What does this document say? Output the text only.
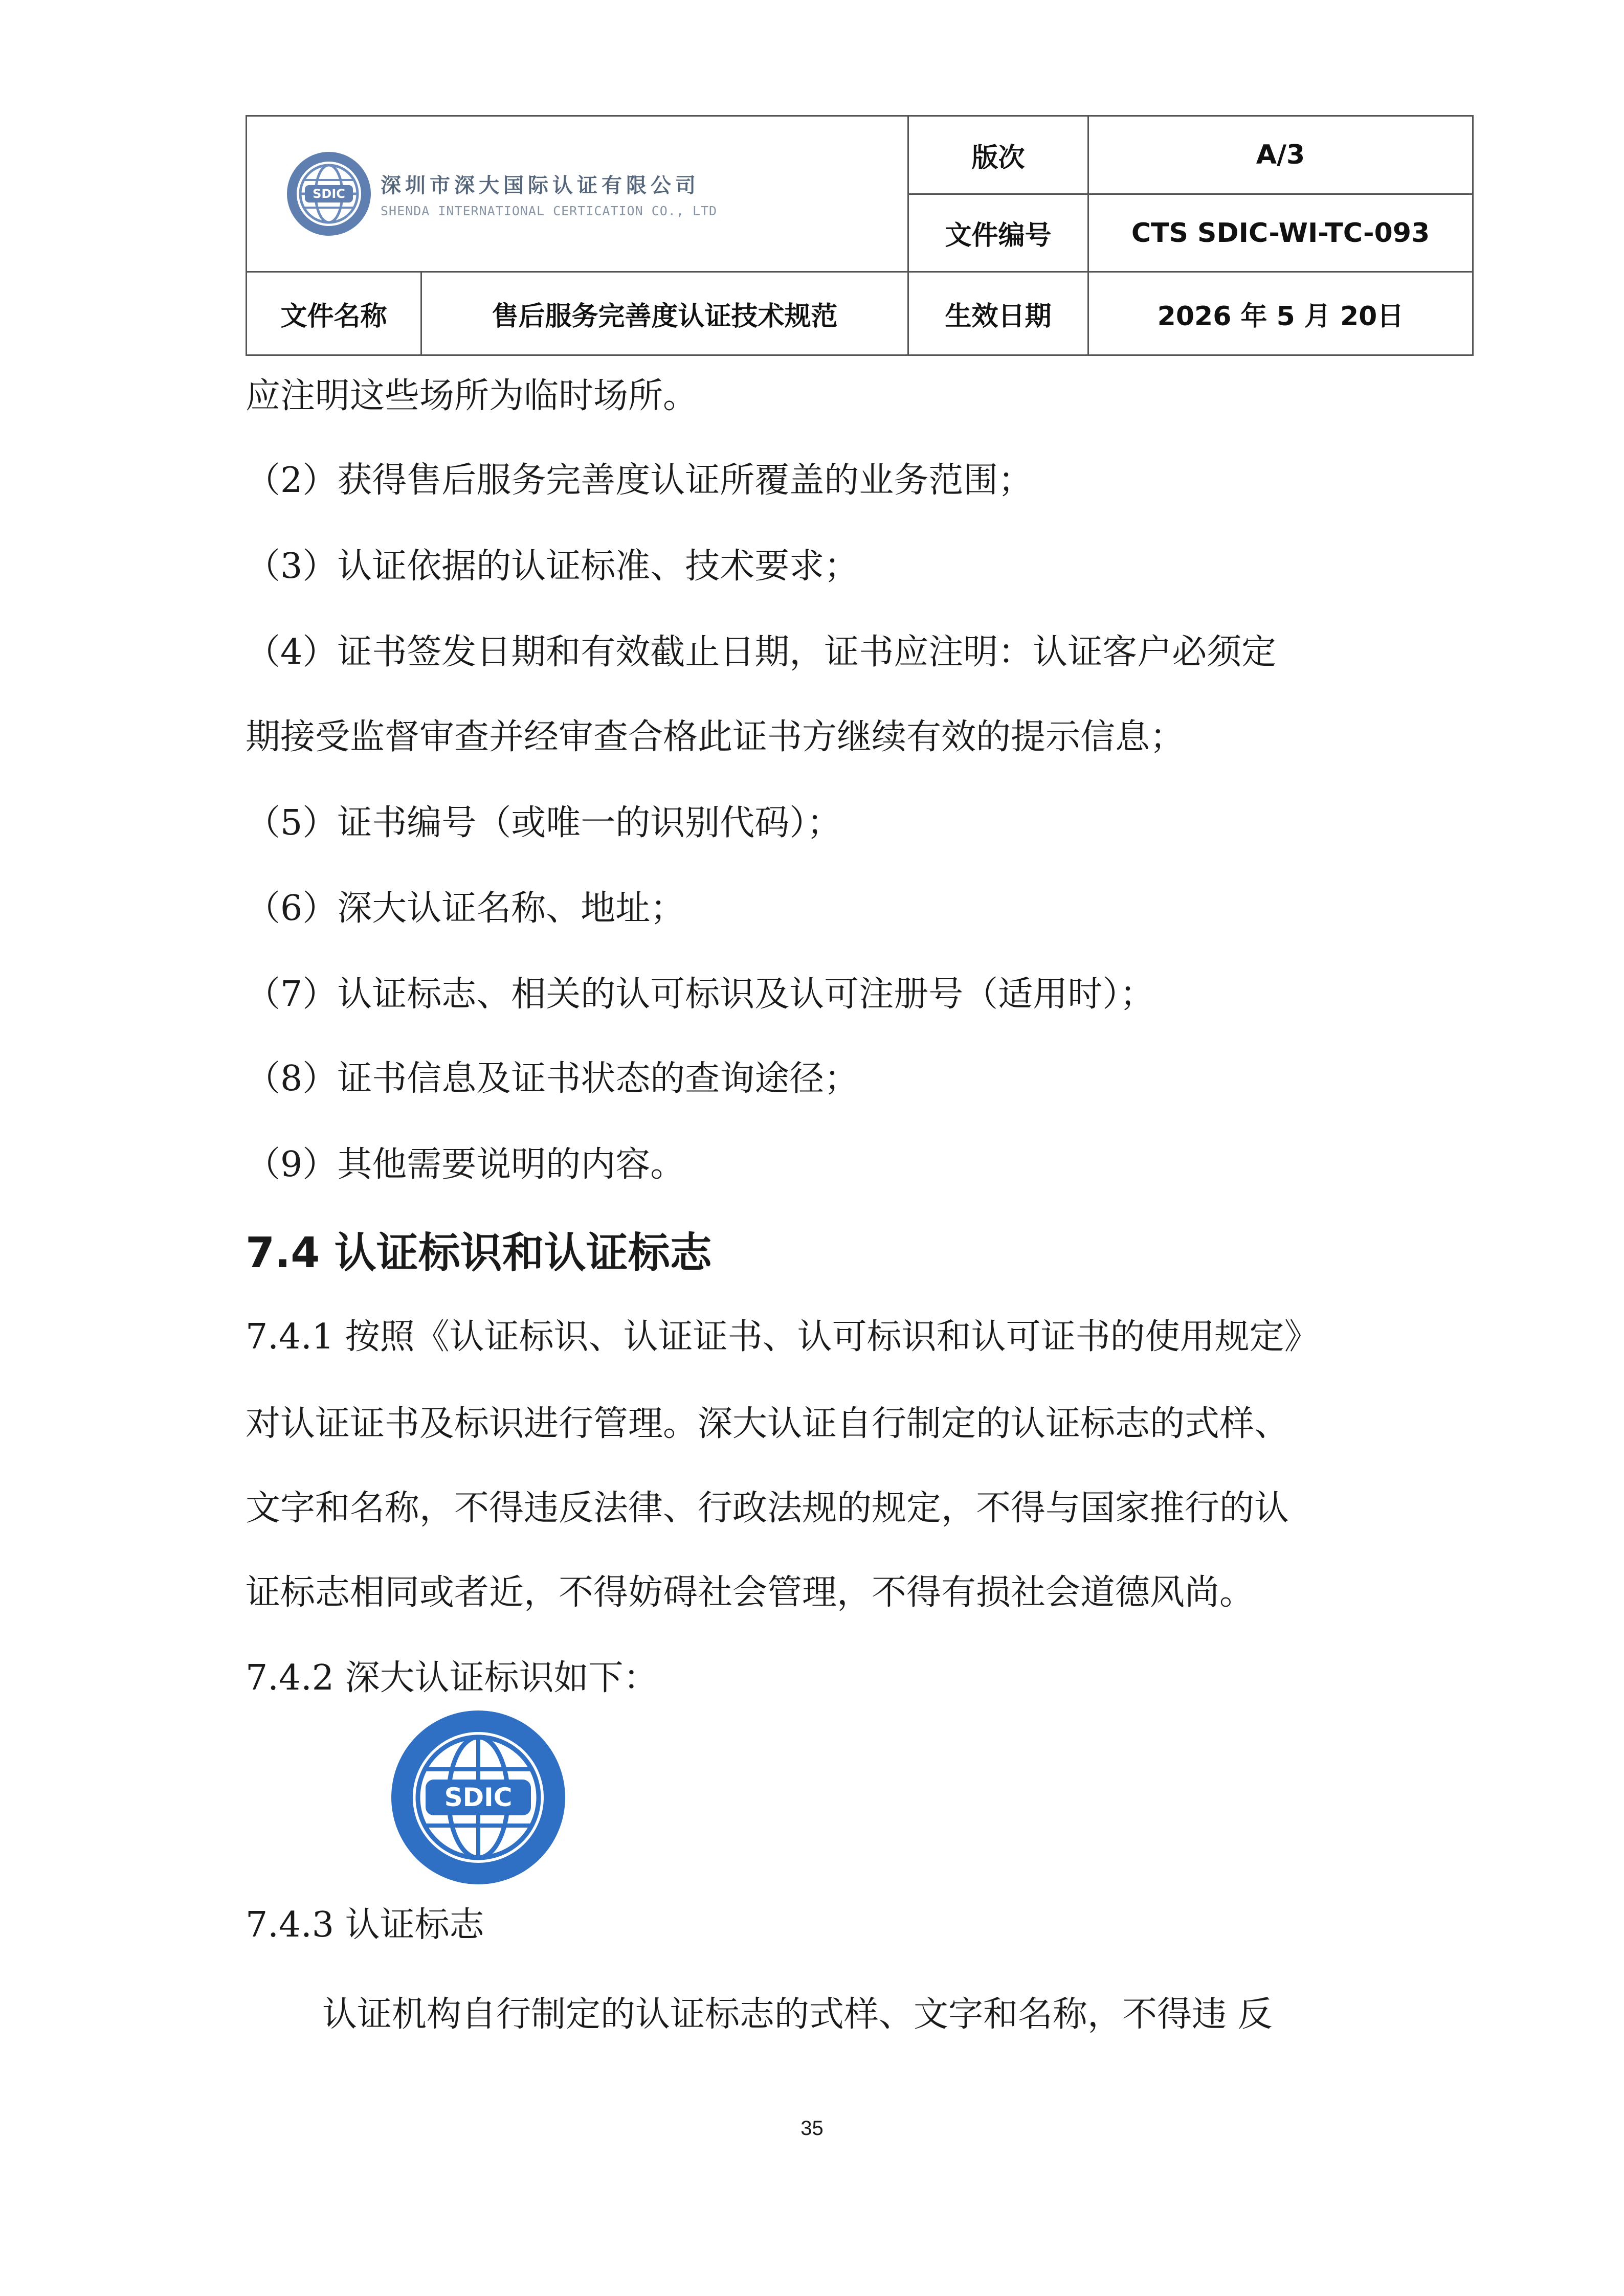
SDIC 深圳市深大国际认证有限公司
SHENDA INTERNATIONAL CERTICATION CO., LTD		版次	A/3
		文件编号	CTS SDIC-WI-TC-093
文件名称	售后服务完善度认证技术规范	生效日期	2026 年 5 月 20日
应注明这些场所为临时场所。
（2）获得售后服务完善度认证所覆盖的业务范围；
（3）认证依据的认证标准、技术要求；
（4）证书签发日期和有效截止日期，证书应注明：认证客户必须定
期接受监督审查并经审查合格此证书方继续有效的提示信息；
（5）证书编号（或唯一的识别代码）；
（6）深大认证名称、地址；
（7）认证标志、相关的认可标识及认可注册号（适用时）；
（8）证书信息及证书状态的查询途径；
（9）其他需要说明的内容。
7.4 认证标识和认证标志
7.4.1 按照《认证标识、认证证书、认可标识和认可证书的使用规定》
对认证证书及标识进行管理。深大认证自行制定的认证标志的式样、
文字和名称，不得违反法律、行政法规的规定，不得与国家推行的认
证标志相同或者近，不得妨碍社会管理，不得有损社会道德风尚。
7.4.2 深大认证标识如下：
SDIC
7.4.3 认证标志
认证机构自行制定的认证标志的式样、文字和名称，不得违 反
35
